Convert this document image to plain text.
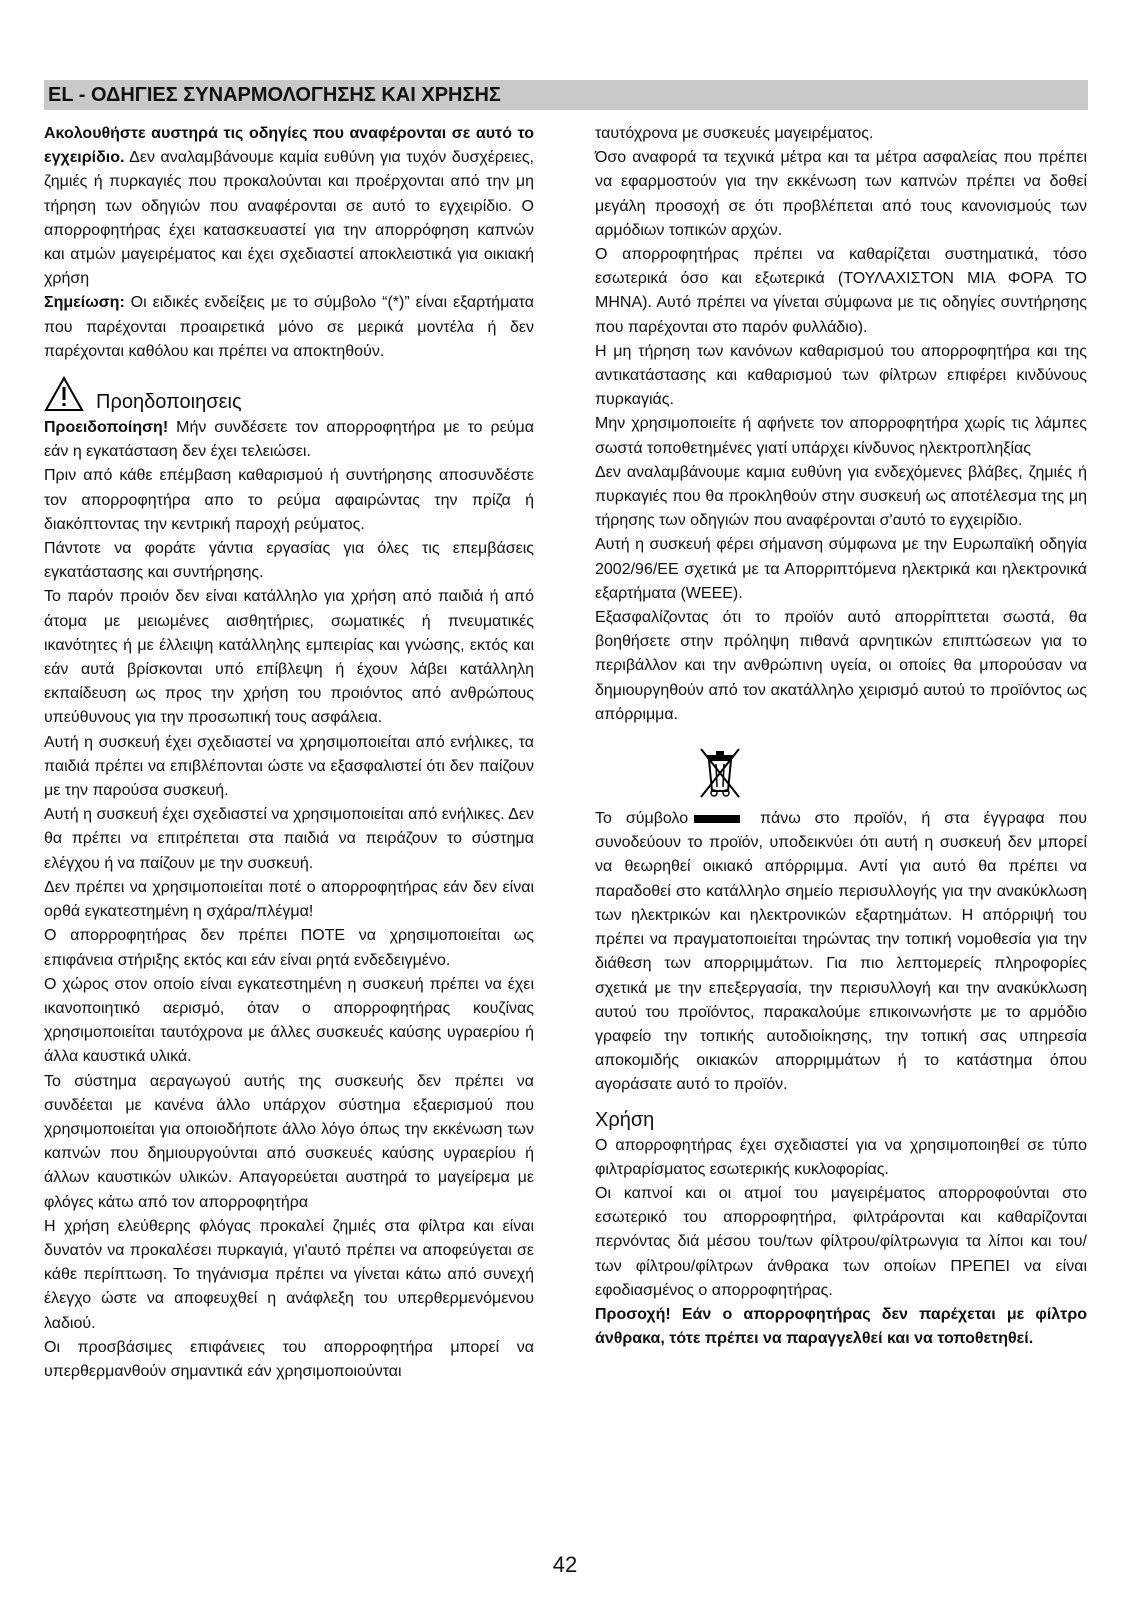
EL - ΟΔΗΓΙΕΣ ΣΥΝΑΡΜΟΛΟΓΗΣΗΣ ΚΑΙ ΧΡΗΣΗΣ

Ακολουθήστε αυστηρά τις οδηγίες που αναφέρονται σε αυτό το εγχειρίδιο. Δεν αναλαμβάνουμε καμία ευθύνη για τυχόν δυσχέρειες, ζημιές ή πυρκαγιές που προκαλούνται και προέρχονται από την μη τήρηση των οδηγιών που αναφέρονται σε αυτό το εγχειρίδιο. Ο απορροφητήρας έχει κατασκευαστεί για την απορρόφηση καπνών και ατμών μαγειρέματος και έχει σχεδιαστεί αποκλειστικά για οικιακή χρήση

Σημείωση: Οι ειδικές ενδείξεις με το σύμβολο “(*)” είναι εξαρτήματα που παρέχονται προαιρετικά μόνο σε μερικά μοντέλα ή δεν παρέχονται καθόλου και πρέπει να αποκτηθούν.

Προηδοποιησεις

Προειδοποίηση! Μήν συνδέσετε τον απορροφητήρα με το ρεύμα εάν η εγκατάσταση δεν έχει τελειώσει.

Πριν από κάθε επέμβαση καθαρισμού ή συντήρησης αποσυνδέστε τον απορροφητήρα απο το ρεύμα αφαιρώντας την πρίζα ή διακόπτοντας την κεντρική παροχή ρεύματος.

Πάντοτε να φοράτε γάντια εργασίας για όλες τις επεμβάσεις εγκατάστασης και συντήρησης.

Το παρόν προιόν δεν είναι κατάλληλο για χρήση από παιδιά ή από άτομα με μειωμένες αισθητήριες, σωματικές ή πνευματικές ικανότητες ή με έλλειψη κατάλληλης εμπειρίας και γνώσης, εκτός και εάν αυτά βρίσκονται υπό επίβλεψη ή έχουν λάβει κατάλληλη εκπαίδευση ως προς την χρήση του προιόντος από ανθρώπους υπεύθυνους για την προσωπική τους ασφάλεια.

Αυτή η συσκευή έχει σχεδιαστεί να χρησιμοποιείται από ενήλικες, τα παιδιά πρέπει να επιβλέπονται ώστε να εξασφαλιστεί ότι δεν παίζουν με την παρούσα συσκευή.

Αυτή η συσκευή έχει σχεδιαστεί να χρησιμοποιείται από ενήλικες. Δεν θα πρέπει να επιτρέπεται στα παιδιά να πειράζουν το σύστημα ελέγχου ή να παίζουν με την συσκευή.

Δεν πρέπει να χρησιμοποιείται ποτέ ο απορροφητήρας εάν δεν είναι ορθά εγκατεστημένη η σχάρα/πλέγμα!

Ο απορροφητήρας δεν πρέπει ΠΟΤΕ να χρησιμοποιείται ως επιφάνεια στήριξης εκτός και εάν είναι ρητά ενδεδειγμένο.

Ο χώρος στον οποίο είναι εγκατεστημένη η συσκευή πρέπει να έχει ικανοποιητικό αερισμό, όταν ο απορροφητήρας κουζίνας χρησιμοποιείται ταυτόχρονα με άλλες συσκευές καύσης υγραερίου ή άλλα καυστικά υλικά.

Το σύστημα αεραγωγού αυτής της συσκευής δεν πρέπει να συνδέεται με κανένα άλλο υπάρχον σύστημα εξαερισμού που χρησιμοποιείται για οποιοδήποτε άλλο λόγο όπως την εκκένωση των καπνών που δημιουργούνται από συσκευές καύσης υγραερίου ή άλλων καυστικών υλικών. Απαγορεύεται αυστηρά το μαγείρεμα με φλόγες κάτω από τον απορροφητήρα

Η χρήση ελεύθερης φλόγας προκαλεί ζημιές στα φίλτρα και είναι δυνατόν να προκαλέσει πυρκαγιά, γι'αυτό πρέπει να αποφεύγεται σε κάθε περίπτωση. Το τηγάνισμα πρέπει να γίνεται κάτω από συνεχή έλεγχο ώστε να αποφευχθεί η ανάφλεξη του υπερθερμενόμενου λαδιού.

Οι προσβάσιμες επιφάνειες του απορροφητήρα μπορεί να υπερθερμανθούν σημαντικά εάν χρησιμοποιούνται

ταυτόχρονα με συσκευές μαγειρέματος.

Όσο αναφορά τα τεχνικά μέτρα και τα μέτρα ασφαλείας που πρέπει να εφαρμοστούν για την εκκένωση των καπνών πρέπει να δοθεί μεγάλη προσοχή σε ότι προβλέπεται από τους κανονισμούς των αρμόδιων τοπικών αρχών.

Ο απορροφητήρας πρέπει να καθαρίζεται συστηματικά, τόσο εσωτερικά όσο και εξωτερικά (ΤΟΥΛΑΧΙΣΤΟΝ ΜΙΑ ΦΟΡΑ ΤΟ ΜΗΝΑ). Αυτό πρέπει να γίνεται σύμφωνα με τις οδηγίες συντήρησης που παρέχονται στο παρόν φυλλάδιο).

Η μη τήρηση των κανόνων καθαρισμού του απορροφητήρα και της αντικατάστασης και καθαρισμού των φίλτρων επιφέρει κινδύνους πυρκαγιάς.

Μην χρησιμοποιείτε ή αφήνετε τον απορροφητήρα χωρίς τις λάμπες σωστά τοποθετημένες γιατί υπάρχει κίνδυνος ηλεκτροπληξίας

Δεν αναλαμβάνουμε καμια ευθύνη για ενδεχόμενες βλάβες, ζημιές ή πυρκαγιές που θα προκληθούν στην συσκευή ως αποτέλεσμα της μη τήρησης των οδηγιών που αναφέρονται σ'αυτό το εγχειρίδιο.

Αυτή η συσκευή φέρει σήμανση σύμφωνα με την Ευρωπαϊκή οδηγία 2002/96/ΕΕ σχετικά με τα Απορριπτόμενα ηλεκτρικά και ηλεκτρονικά εξαρτήματα (WEEE).

Εξασφαλίζοντας ότι το προϊόν αυτό απορρίπτεται σωστά, θα βοηθήσετε στην πρόληψη πιθανά αρνητικών επιπτώσεων για το περιβάλλον και την ανθρώπινη υγεία, οι οποίες θα μπορούσαν να δημιουργηθούν από τον ακατάλληλο χειρισμό αυτού το προϊόντος ως απόρριμμα.

Το σύμβολο	πάνω στο προϊόν, ή στα έγγραφα που συνοδεύουν το προϊόν, υποδεικνύει ότι αυτή η συσκευή δεν μπορεί να θεωρηθεί οικιακό απόρριμμα. Αντί για αυτό θα πρέπει να παραδοθεί στο κατάλληλο σημείο περισυλλογής για την ανακύκλωση των ηλεκτρικών και ηλεκτρονικών εξαρτημάτων. Η απόρριψή του πρέπει να πραγματοποιείται τηρώντας την τοπική νομοθεσία για την διάθεση των απορριμμάτων. Για πιο λεπτομερείς πληροφορίες σχετικά με την επεξεργασία, την περισυλλογή και την ανακύκλωση αυτού του προϊόντος, παρακαλούμε επικοινωνήστε με το αρμόδιο γραφείο την τοπικής αυτοδιοίκησης, την τοπική σας υπηρεσία αποκομιδής οικιακών απορριμμάτων ή το κατάστημα όπου αγοράσατε αυτό το προϊόν.

Χρήση

Ο απορροφητήρας έχει σχεδιαστεί για να χρησιμοποιηθεί σε τύπο φιλτραρίσματος εσωτερικής κυκλοφορίας.

Οι καπνοί και οι ατμοί του μαγειρέματος απορροφούνται στο εσωτερικό του απορροφητήρα, φιλτράρονται και καθαρίζονται περνόντας διά μέσου του/των φίλτρου/φίλτρωνγια τα λίποι και του/των φίλτρου/φίλτρων άνθρακα των οποίων ΠΡΕΠΕΙ να είναι εφοδιασμένος ο απορροφητήρας.

Προσοχή! Εάν ο απορροφητήρας δεν παρέχεται με φίλτρο άνθρακα, τότε πρέπει να παραγγελθεί και να τοποθετηθεί.

42
